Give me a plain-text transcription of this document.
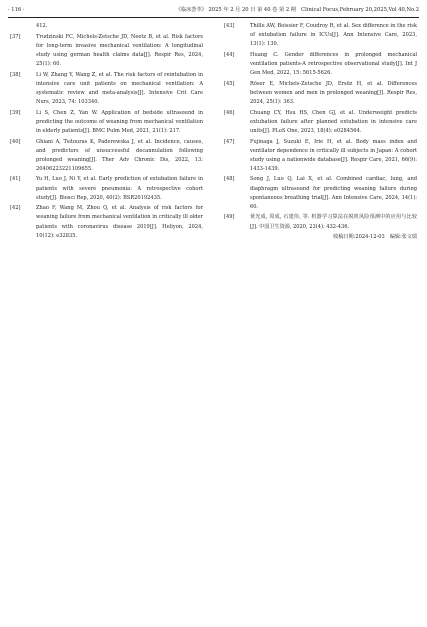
· 116 ·	《临床荟萃》 2025 年 2 月 20 日 第 40 卷 第 2 期　Clinical Focus,February 20,2025,Vol 40,No.2
412.
[37]	Trudzinski FC, Michels-Zetsche JD, Neetz B, et al. Risk factors for long-term invasive mechanical ventilation: A longitudinal study using german health claims data[J]. Respir Res, 2024, 25(1): 60.
[38]	Li W, Zhang Y, Wang Z, et al. The risk factors of reintubation in intensive care unit patients on mechanical ventilation: A systematic review and meta-analysis[J]. Intensive Crit Care Nurs, 2023, 74: 103340.
[39]	Li S, Chen Z, Yan W. Application of bedside ultrasound in predicting the outcome of weaning from mechanical ventilation in elderly patients[J]. BMC Pulm Med, 2021, 21(1): 217.
[40]	Ghiani A, Tsitouras K, Paderewska J, et al. Incidence, causes, and predictors of unsuccessful decannulation following prolonged weaning[J]. Ther Adv Chronic Dis, 2022, 13: 20406223221109655.
[41]	Yu H, Luo J, Ni Y, et al. Early prediction of extubation failure in patients with severe pneumonia: A retrospective cohort study[J]. Biosci Rep, 2020, 40(2): BSR20192435.
[42]	Zhao F, Wang M, Zhou Q, et al. Analysis of risk factors for weaning failure from mechanical ventilation in critically ill older patients with coronavirus disease 2019[J]. Heliyon, 2024, 10(12): e32835.
[43]	Thille AW, Boissier F, Coudroy R, et al. Sex difference in the risk of extubation failure in ICUs[J]. Ann Intensive Care, 2023, 13(1): 130.
[44]	Huang C. Gender differences in prolonged mechanical ventilation patients-A retrospective observational study[J]. Int J Gen Med, 2022, 15: 5615-5626.
[45]	Röser E, Michels-Zetsche JD, Ersöz H, et al. Differences between women and men in prolonged weaning[J]. Respir Res, 2024, 25(1): 363.
[46]	Chuang CY, Hsu HS, Chen GJ, et al. Underweight predicts extubation failure after planned extubation in intensive care units[J]. PLoS One, 2023, 18(4): e0284564.
[47]	Fujinaga J, Suzuki E, Irie H, et al. Body mass index and ventilator dependence in critically ill subjects in Japan: A cohort study using a nationwide database[J]. Respir Care, 2021, 66(9): 1433-1439.
[48]	Song J, Luo Q, Lai X, et al. Combined cardiac, lung, and diaphragm ultrasound for predicting weaning failure during spontaneous breathing trial[J]. Ann Intensive Care, 2024, 14(1): 60.
[49]	黄光成, 周成, 石建伟, 等. 机器学习算法在脱机风险预测中的应用与比较[J]. 中国卫生资源, 2020, 23(4): 432-436.
收稿日期:2024-12-03　编辑:张文瑞
